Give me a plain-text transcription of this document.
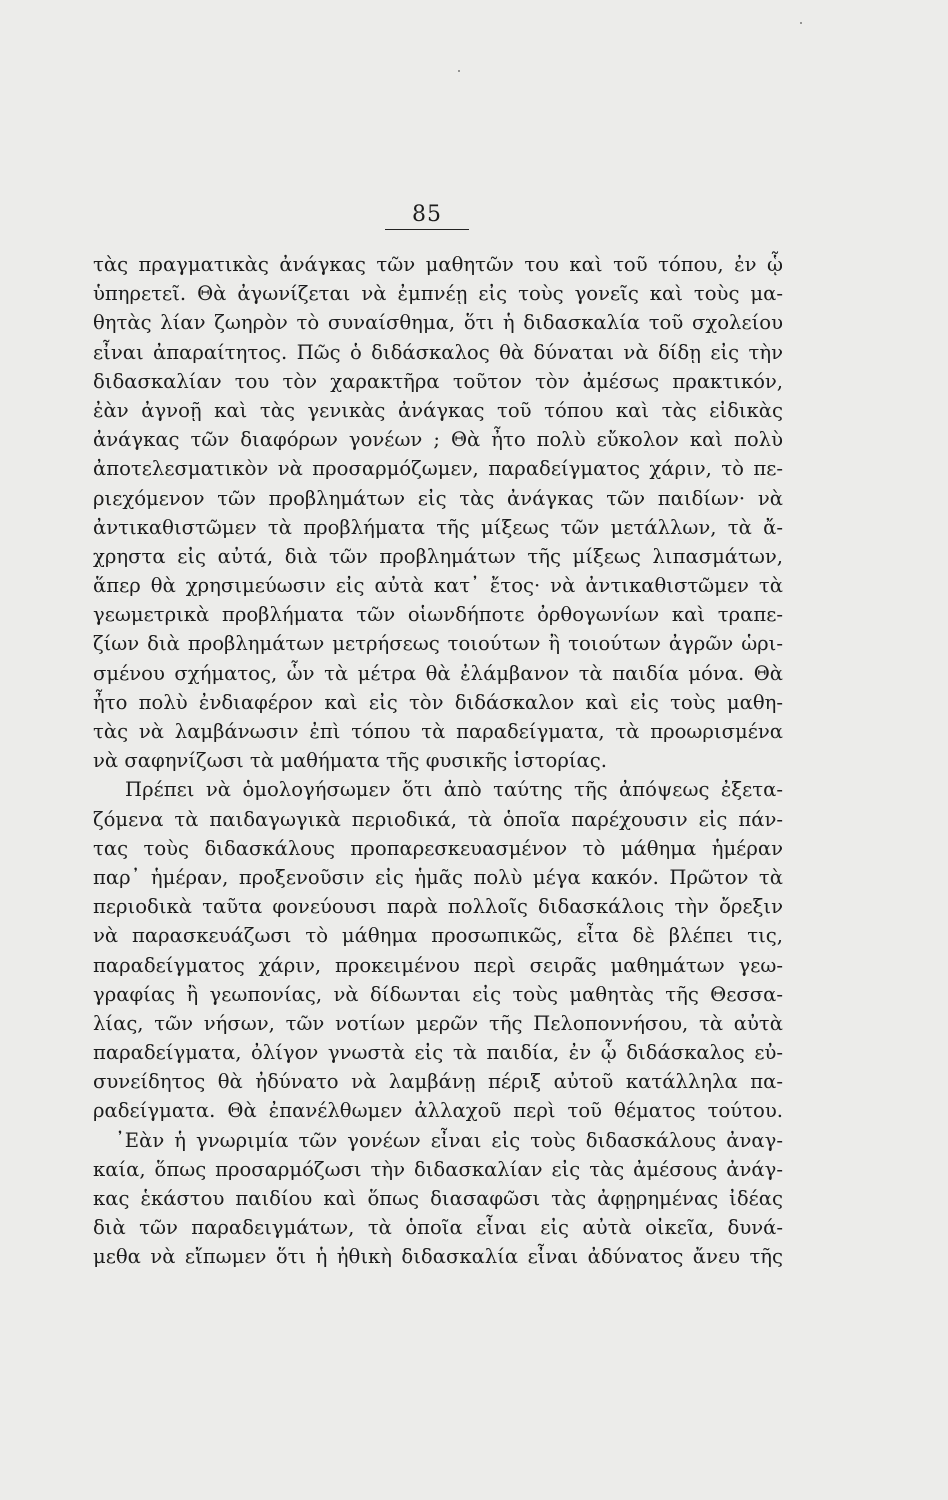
85
τὰς πραγματικὰς ἀνάγκας τῶν μαθητῶν του καὶ τοῦ τόπου, ἐν ᾧ
ὑπηρετεῖ. Θὰ ἀγωνίζεται νὰ ἐμπνέῃ εἰς τοὺς γονεῖς καὶ τοὺς μα-
θητὰς λίαν ζωηρὸν τὸ συναίσθημα, ὅτι ἡ διδασκαλία τοῦ σχολείου
εἶναι ἀπαραίτητος. Πῶς ὁ διδάσκαλος θὰ δύναται νὰ δίδῃ εἰς τὴν
διδασκαλίαν του τὸν χαρακτῆρα τοῦτον τὸν ἀμέσως πρακτικόν,
ἐὰν ἀγνοῇ καὶ τὰς γενικὰς ἀνάγκας τοῦ τόπου καὶ τὰς εἰδικὰς
ἀνάγκας τῶν διαφόρων γονέων ; Θὰ ἦτο πολὺ εὔκολον καὶ πολὺ
ἀποτελεσματικὸν νὰ προσαρμόζωμεν, παραδείγματος χάριν, τὸ πε-
ριεχόμενον τῶν προβλημάτων εἰς τὰς ἀνάγκας τῶν παιδίων· νὰ
ἀντικαθιστῶμεν τὰ προβλήματα τῆς μίξεως τῶν μετάλλων, τὰ ἄ-
χρηστα εἰς αὐτά, διὰ τῶν προβλημάτων τῆς μίξεως λιπασμάτων,
ἅπερ θὰ χρησιμεύωσιν εἰς αὐτὰ κατ᾿ ἔτος· νὰ ἀντικαθιστῶμεν τὰ
γεωμετρικὰ προβλήματα τῶν οἱωνδήποτε ὀρθογωνίων καὶ τραπε-
ζίων διὰ προβλημάτων μετρήσεως τοιούτων ἢ τοιούτων ἀγρῶν ὡρι-
σμένου σχήματος, ὧν τὰ μέτρα θὰ ἐλάμβανον τὰ παιδία μόνα. Θὰ
ἦτο πολὺ ἐνδιαφέρον καὶ εἰς τὸν διδάσκαλον καὶ εἰς τοὺς μαθη-
τὰς νὰ λαμβάνωσιν ἐπὶ τόπου τὰ παραδείγματα, τὰ προωρισμένα
νὰ σαφηνίζωσι τὰ μαθήματα τῆς φυσικῆς ἱστορίας.
Πρέπει νὰ ὁμολογήσωμεν ὅτι ἀπὸ ταύτης τῆς ἀπόψεως ἐξετα-
ζόμενα τὰ παιδαγωγικὰ περιοδικά, τὰ ὁποῖα παρέχουσιν εἰς πάν-
τας τοὺς διδασκάλους προπαρεσκευασμένον τὸ μάθημα ἡμέραν
παρ᾿ ἡμέραν, προξενοῦσιν εἰς ἡμᾶς πολὺ μέγα κακόν. Πρῶτον τὰ
περιοδικὰ ταῦτα φονεύουσι παρὰ πολλοῖς διδασκάλοις τὴν ὄρεξιν
νὰ παρασκευάζωσι τὸ μάθημα προσωπικῶς, εἶτα δὲ βλέπει τις,
παραδείγματος χάριν, προκειμένου περὶ σειρᾶς μαθημάτων γεω-
γραφίας ἢ γεωπονίας, νὰ δίδωνται εἰς τοὺς μαθητὰς τῆς Θεσσα-
λίας, τῶν νήσων, τῶν νοτίων μερῶν τῆς Πελοποννήσου, τὰ αὐτὰ
παραδείγματα, ὀλίγον γνωστὰ εἰς τὰ παιδία, ἐν ᾧ διδάσκαλος εὐ-
συνείδητος θὰ ἠδύνατο νὰ λαμβάνῃ πέριξ αὐτοῦ κατάλληλα πα-
ραδείγματα. Θὰ ἐπανέλθωμεν ἀλλαχοῦ περὶ τοῦ θέματος τούτου.
᾿Εὰν ἡ γνωριμία τῶν γονέων εἶναι εἰς τοὺς διδασκάλους ἀναγ-
καία, ὅπως προσαρμόζωσι τὴν διδασκαλίαν εἰς τὰς ἀμέσους ἀνάγ-
κας ἑκάστου παιδίου καὶ ὅπως διασαφῶσι τὰς ἀφῃρημένας ἰδέας
διὰ τῶν παραδειγμάτων, τὰ ὁποῖα εἶναι εἰς αὐτὰ οἰκεῖα, δυνά-
μεθα νὰ εἴπωμεν ὅτι ἡ ἠθικὴ διδασκαλία εἶναι ἀδύνατος ἄνευ τῆς
